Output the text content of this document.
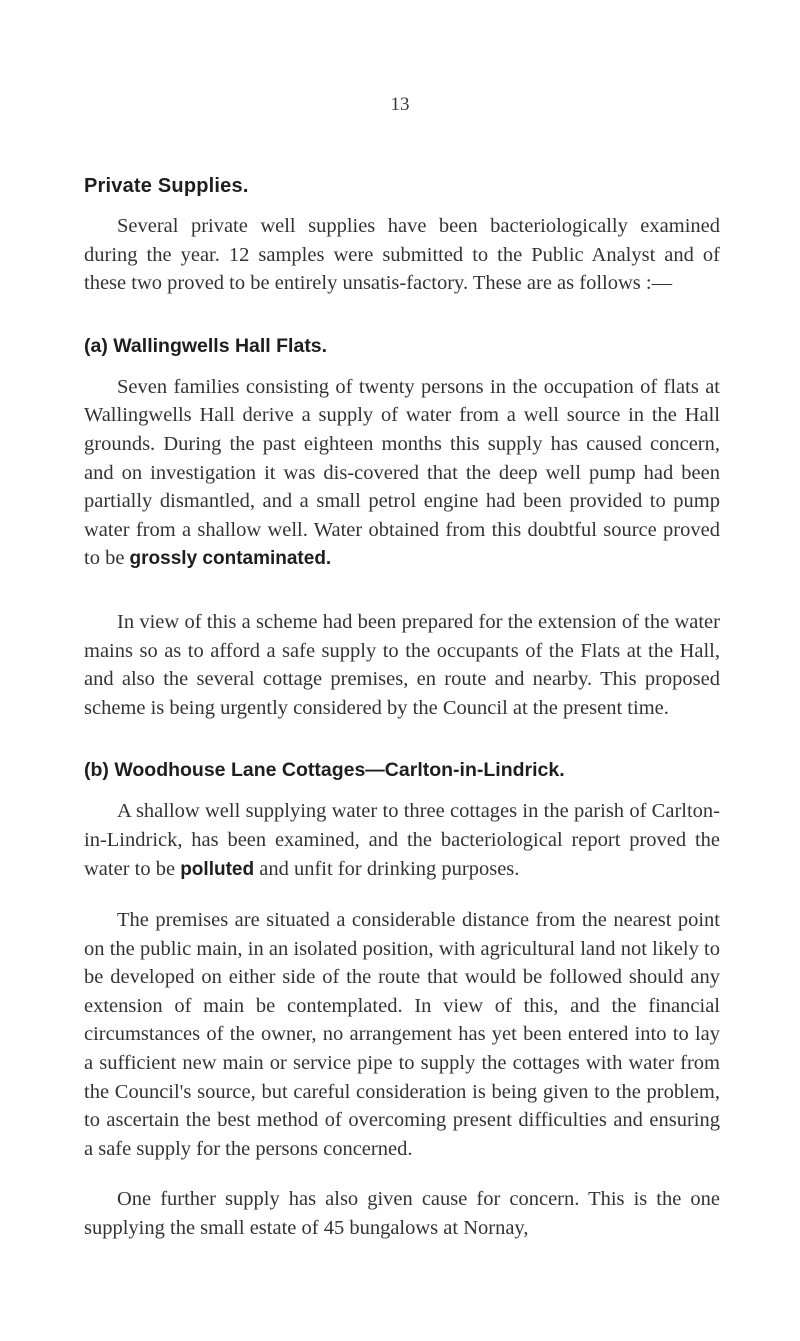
13
Private Supplies.

Several private well supplies have been bacteriologically examined during the year. 12 samples were submitted to the Public Analyst and of these two proved to be entirely unsatis-factory. These are as follows :—

(a) Wallingwells Hall Flats.

Seven families consisting of twenty persons in the occupation of flats at Wallingwells Hall derive a supply of water from a well source in the Hall grounds. During the past eighteen months this supply has caused concern, and on investigation it was dis-covered that the deep well pump had been partially dismantled, and a small petrol engine had been provided to pump water from a shallow well. Water obtained from this doubtful source proved to be grossly contaminated.

In view of this a scheme had been prepared for the extension of the water mains so as to afford a safe supply to the occupants of the Flats at the Hall, and also the several cottage premises, en route and nearby. This proposed scheme is being urgently considered by the Council at the present time.

(b) Woodhouse Lane Cottages—Carlton-in-Lindrick.

A shallow well supplying water to three cottages in the parish of Carlton-in-Lindrick, has been examined, and the bacteriological report proved the water to be polluted and unfit for drinking purposes.

The premises are situated a considerable distance from the nearest point on the public main, in an isolated position, with agricultural land not likely to be developed on either side of the route that would be followed should any extension of main be contemplated. In view of this, and the financial circumstances of the owner, no arrangement has yet been entered into to lay a sufficient new main or service pipe to supply the cottages with water from the Council's source, but careful consideration is being given to the problem, to ascertain the best method of overcoming present difficulties and ensuring a safe supply for the persons concerned.

One further supply has also given cause for concern. This is the one supplying the small estate of 45 bungalows at Nornay,
